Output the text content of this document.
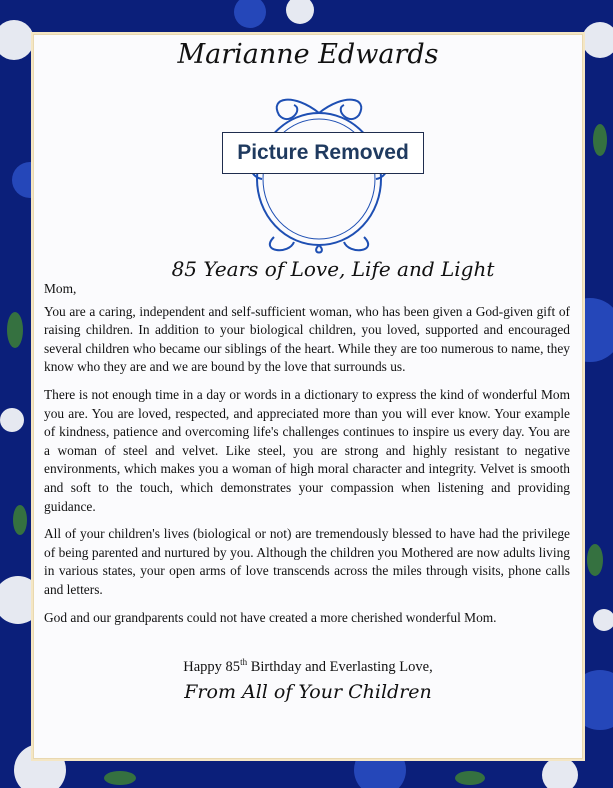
Marianne Edwards
Picture Removed
85 Years of Love, Life and Light

Mom,

You are a caring, independent and self-sufficient woman, who has been given a God-given gift of raising children. In addition to your biological children, you loved, supported and encouraged several children who became our siblings of the heart. While they are too numerous to name, they know who they are and we are bound by the love that surrounds us.

There is not enough time in a day or words in a dictionary to express the kind of wonderful Mom you are. You are loved, respected, and appreciated more than you will ever know. Your example of kindness, patience and overcoming life's challenges continues to inspire us every day. You are a woman of steel and velvet. Like steel, you are strong and highly resistant to negative environments, which makes you a woman of high moral character and integrity. Velvet is smooth and soft to the touch, which demonstrates your compassion when listening and providing guidance.

All of your children's lives (biological or not) are tremendously blessed to have had the privilege of being parented and nurtured by you. Although the children you Mothered are now adults living in various states, your open arms of love transcends across the miles through visits, phone calls and letters.

God and our grandparents could not have created a more cherished wonderful Mom.

Happy 85th Birthday and Everlasting Love,
From All of Your Children
